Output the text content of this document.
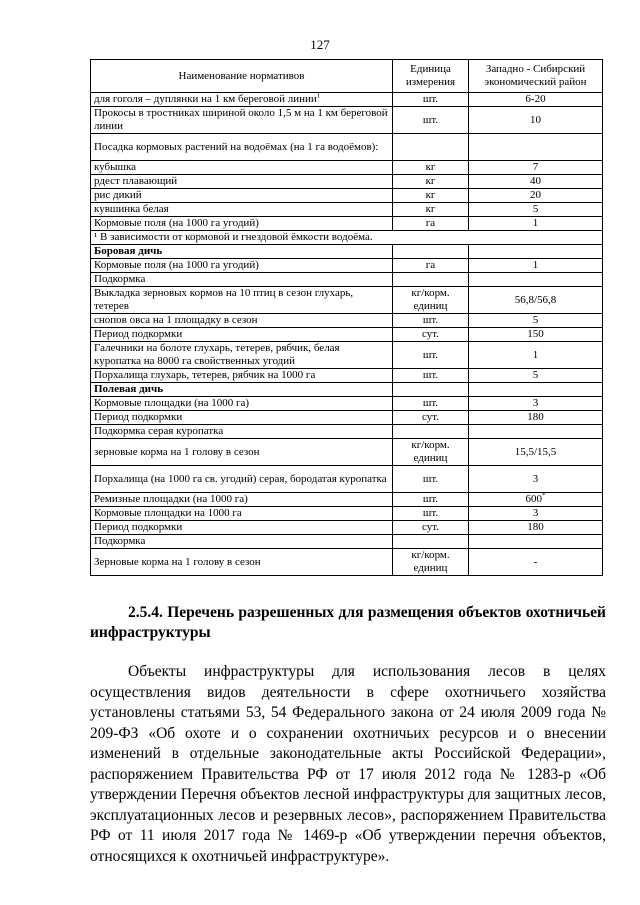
127
Наименование нормативов	Единица измерения	Западно - Сибирский экономический район
для гоголя – дуплянки на 1 км береговой линии$^1$	шт.	6-20
Прокосы в тростниках шириной около 1,5 м на 1 км береговой линии	шт.	10
Посадка кормовых растений на водоёмах (на 1 га водоёмов):		
кубышка	кг	7
рдест плавающий	кг	40
рис дикий	кг	20
кувшинка белая	кг	5
Кормовые поля (на 1000 га угодий)	га	1
¹ В зависимости от кормовой и гнездовой ёмкости водоёма.		
Боровая дичь		
Кормовые поля (на 1000 га угодий)	га	1
Подкормка		
Выкладка зерновых кормов на 10 птиц в сезон глухарь, тетерев	кг/корм. единиц	56,8/56,8
снопов овса на 1 площадку в сезон	шт.	5
Период подкормки	сут.	150
Галечники на болоте глухарь, тетерев, рябчик, белая куропатка на 8000 га свойственных угодий	шт.	1
Порхалища глухарь, тетерев, рябчик на 1000 га	шт.	5
Полевая дичь		
Кормовые площадки (на 1000 га)	шт.	3
Период подкормки	сут.	180
Подкормка серая куропатка		
зерновые корма на 1 голову в сезон	кг/корм. единиц	15,5/15,5
Порхалища (на 1000 га св. угодий) серая, бородатая куропатка	шт.	3
Ремизные площадки (на 1000 га)	шт.	600*
Кормовые площадки на 1000 га	шт.	3
Период подкормки	сут.	180
Подкормка		
Зерновые корма на 1 голову в сезон	кг/корм. единиц	-
2.5.4. Перечень разрешенных для размещения объектов охотничьей инфраструктуры
Объекты инфраструктуры для использования лесов в целях осуществления видов деятельности в сфере охотничьего хозяйства установлены статьями 53, 54 Федерального закона от 24 июля 2009 года № 209-ФЗ «Об охоте и о сохранении охотничьих ресурсов и о внесении изменений в отдельные законодательные акты Российской Федерации», распоряжением Правительства РФ от 17 июля 2012 года № 1283-р «Об утверждении Перечня объектов лесной инфраструктуры для защитных лесов, эксплуатационных лесов и резервных лесов», распоряжением Правительства РФ от 11 июля 2017 года № 1469-р «Об утверждении перечня объектов, относящихся к охотничьей инфраструктуре».
